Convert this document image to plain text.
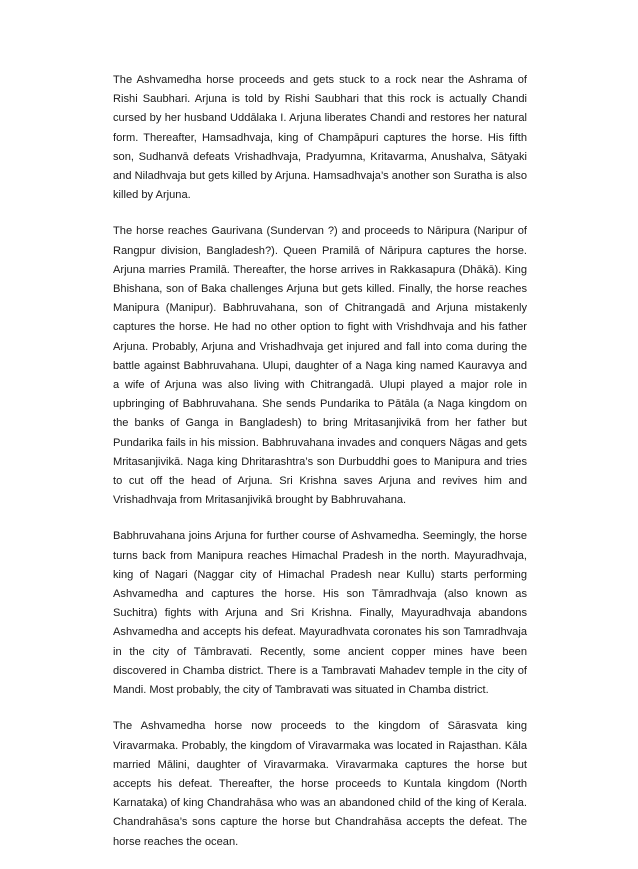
The Ashvamedha horse proceeds and gets stuck to a rock near the Ashrama of Rishi Saubhari. Arjuna is told by Rishi Saubhari that this rock is actually Chandi cursed by her husband Uddālaka I. Arjuna liberates Chandi and restores her natural form. Thereafter, Hamsadhvaja, king of Champāpuri captures the horse. His fifth son, Sudhanvā defeats Vrishadhvaja, Pradyumna, Kritavarma, Anushalva, Sātyaki and Niladhvaja but gets killed by Arjuna. Hamsadhvaja’s another son Suratha is also killed by Arjuna.

The horse reaches Gaurivana (Sundervan ?) and proceeds to Nāripura (Naripur of Rangpur division, Bangladesh?). Queen Pramilā of Nāripura captures the horse. Arjuna marries Pramilā. Thereafter, the horse arrives in Rakkasapura (Dhākā). King Bhishana, son of Baka challenges Arjuna but gets killed. Finally, the horse reaches Manipura (Manipur). Babhruvahana, son of Chitrangadā and Arjuna mistakenly captures the horse. He had no other option to fight with Vrishdhvaja and his father Arjuna. Probably, Arjuna and Vrishadhvaja get injured and fall into coma during the battle against Babhruvahana. Ulupi, daughter of a Naga king named Kauravya and a wife of Arjuna was also living with Chitrangadā. Ulupi played a major role in upbringing of Babhruvahana. She sends Pundarika to Pātāla (a Naga kingdom on the banks of Ganga in Bangladesh) to bring Mritasanjivikā from her father but Pundarika fails in his mission. Babhruvahana invades and conquers Nāgas and gets Mritasanjivikā. Naga king Dhritarashtra’s son Durbuddhi goes to Manipura and tries to cut off the head of Arjuna. Sri Krishna saves Arjuna and revives him and Vrishadhvaja from Mritasanjivikā brought by Babhruvahana.

Babhruvahana joins Arjuna for further course of Ashvamedha. Seemingly, the horse turns back from Manipura reaches Himachal Pradesh in the north. Mayuradhvaja, king of Nagari (Naggar city of Himachal Pradesh near Kullu) starts performing Ashvamedha and captures the horse. His son Tāmradhvaja (also known as Suchitra) fights with Arjuna and Sri Krishna. Finally, Mayuradhvaja abandons Ashvamedha and accepts his defeat. Mayuradhvata coronates his son Tamradhvaja in the city of Tāmbravati. Recently, some ancient copper mines have been discovered in Chamba district. There is a Tambravati Mahadev temple in the city of Mandi. Most probably, the city of Tambravati was situated in Chamba district.

The Ashvamedha horse now proceeds to the kingdom of Sārasvata king Viravarmaka. Probably, the kingdom of Viravarmaka was located in Rajasthan. Kāla married Mālini, daughter of Viravarmaka. Viravarmaka captures the horse but accepts his defeat. Thereafter, the horse proceeds to Kuntala kingdom (North Karnataka) of king Chandrahāsa who was an abandoned child of the king of Kerala. Chandrahāsa’s sons capture the horse but Chandrahāsa accepts the defeat. The horse reaches the ocean.
